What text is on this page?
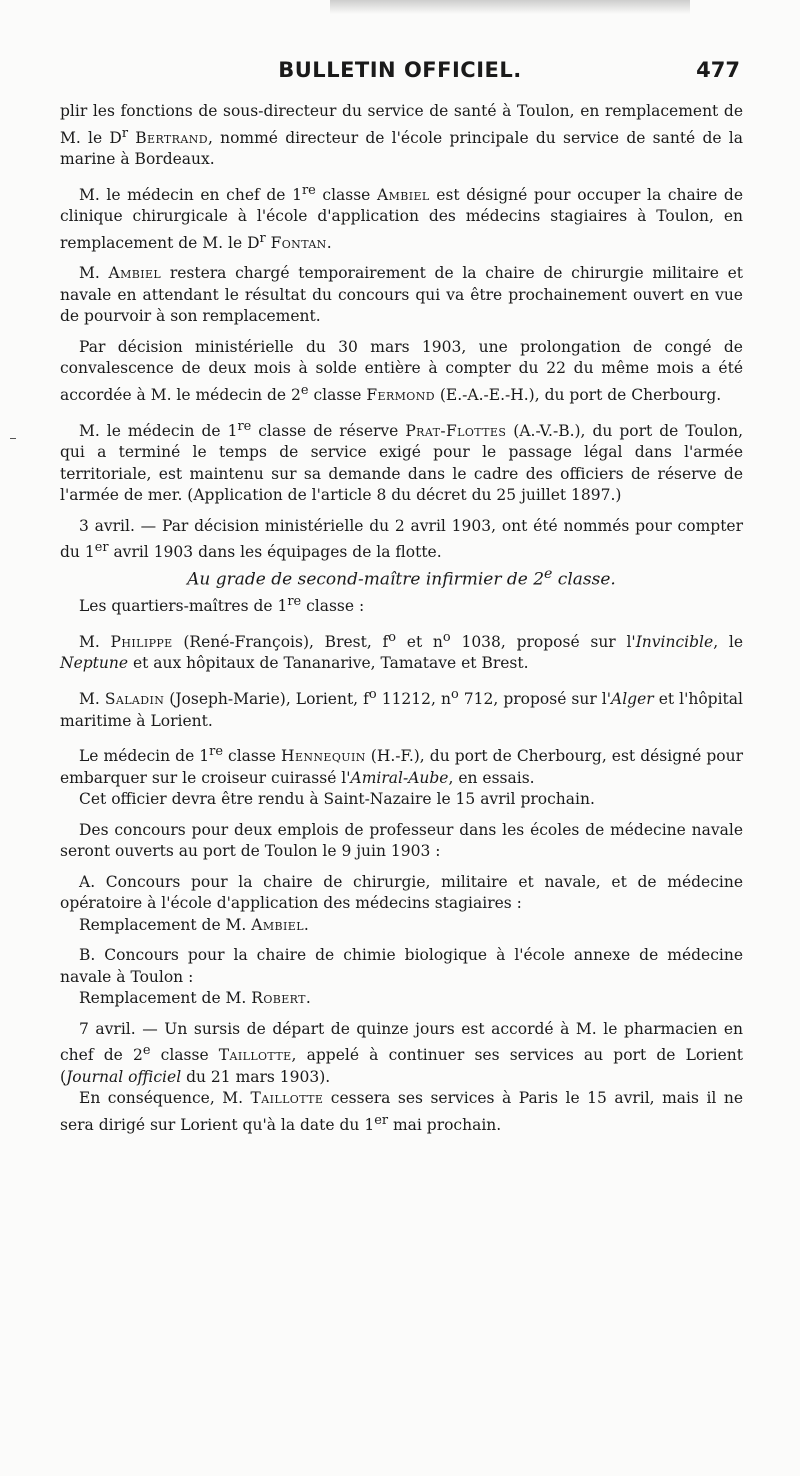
BULLETIN OFFICIEL.	477

plir les fonctions de sous-directeur du service de santé à Toulon, en remplacement de M. le $D^r$ Bertrand, nommé directeur de l'école principale du service de santé de la marine à Bordeaux.

M. le médecin en chef de 1re classe Ambiel est désigné pour occuper la chaire de clinique chirurgicale à l'école d'application des médecins stagiaires à Toulon, en remplacement de M. le $D^r$ Fontan.

M. Ambiel restera chargé temporairement de la chaire de chirurgie militaire et navale en attendant le résultat du concours qui va être prochainement ouvert en vue de pourvoir à son remplacement.

Par décision ministérielle du 30 mars 1903, une prolongation de congé de convalescence de deux mois à solde entière à compter du 22 du même mois a été accordée à M. le médecin de 2e classe Fermond (E.-A.-E.-H.), du port de Cherbourg.

M. le médecin de 1re classe de réserve Prat-Flottes (A.-V.-B.), du port de Toulon, qui a terminé le temps de service exigé pour le passage légal dans l'armée territoriale, est maintenu sur sa demande dans le cadre des officiers de réserve de l'armée de mer. (Application de l'article 8 du décret du 25 juillet 1897.)

3 avril. — Par décision ministérielle du 2 avril 1903, ont été nommés pour compter du 1er avril 1903 dans les équipages de la flotte.

Au grade de second-maître infirmier de 2e classe.

Les quartiers-maîtres de 1re classe :

M. Philippe (René-François), Brest, $f^o$ et $n^o$ 1038, proposé sur l'Invincible, le Neptune et aux hôpitaux de Tananarive, Tamatave et Brest.

M. Saladin (Joseph-Marie), Lorient, $f^o$ 11212, $n^o$ 712, proposé sur l'Alger et l'hôpital maritime à Lorient.

Le médecin de 1re classe Hennequin (H.-F.), du port de Cherbourg, est désigné pour embarquer sur le croiseur cuirassé l'Amiral-Aube, en essais.

Cet officier devra être rendu à Saint-Nazaire le 15 avril prochain.

Des concours pour deux emplois de professeur dans les écoles de médecine navale seront ouverts au port de Toulon le 9 juin 1903 :

A. Concours pour la chaire de chirurgie, militaire et navale, et de médecine opératoire à l'école d'application des médecins stagiaires :

Remplacement de M. Ambiel.

B. Concours pour la chaire de chimie biologique à l'école annexe de médecine navale à Toulon :

Remplacement de M. Robert.

7 avril. — Un sursis de départ de quinze jours est accordé à M. le pharmacien en chef de 2e classe Taillotte, appelé à continuer ses services au port de Lorient (Journal officiel du 21 mars 1903).

En conséquence, M. Taillotte cessera ses services à Paris le 15 avril, mais il ne sera dirigé sur Lorient qu'à la date du 1er mai prochain.
